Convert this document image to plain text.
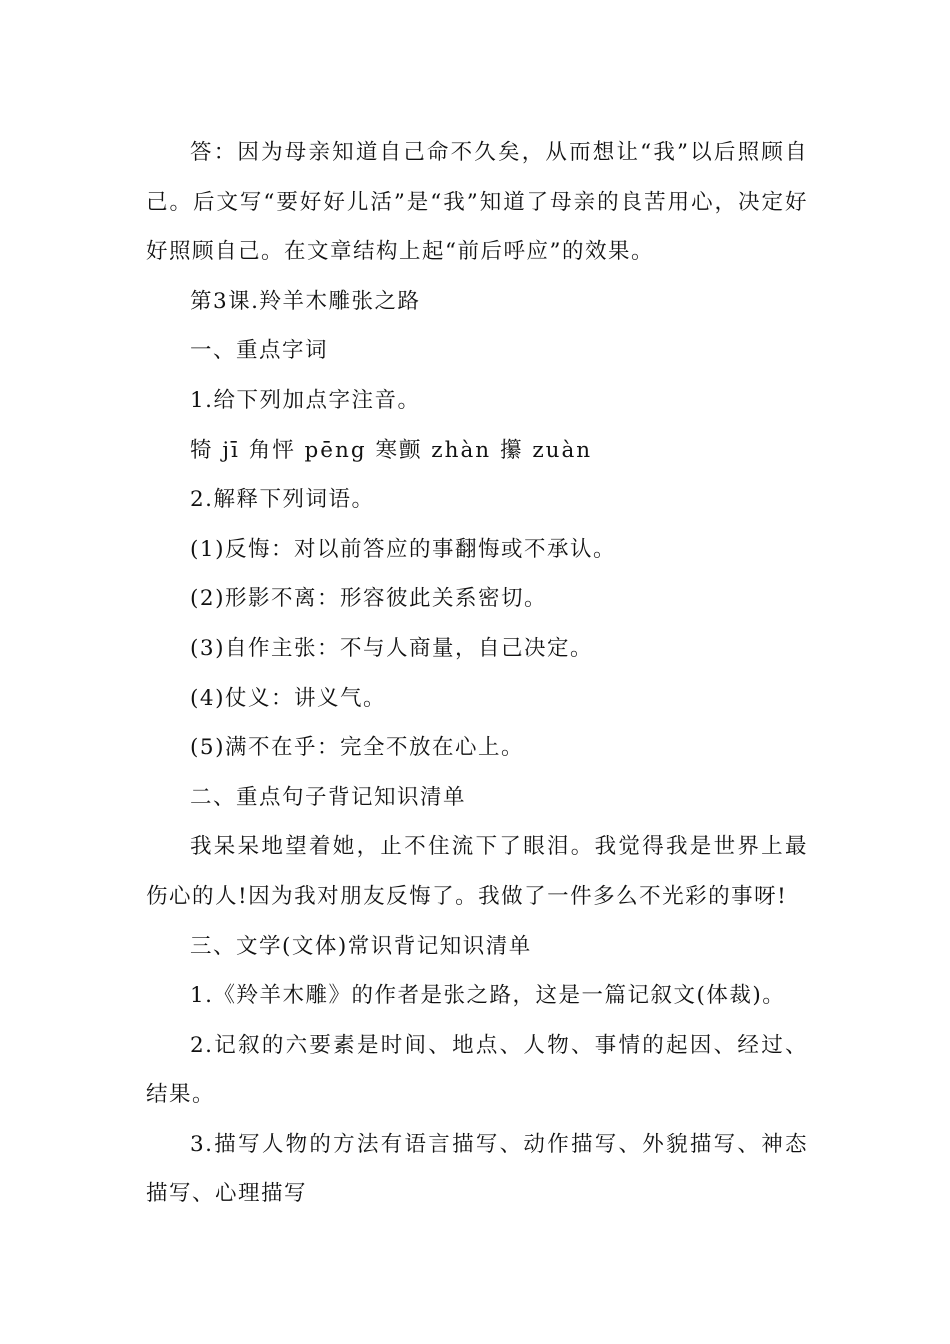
答：因为母亲知道自己命不久矣，从而想让“我”以后照顾自己。后文写“要好好儿活”是“我”知道了母亲的良苦用心，决定好好照顾自己。在文章结构上起“前后呼应”的效果。

第3课.羚羊木雕张之路

一、重点字词

1.给下列加点字注音。

犄 jī 角怦 pēng 寒颤 zhàn 攥 zuàn

2.解释下列词语。

(1)反悔：对以前答应的事翻悔或不承认。

(2)形影不离：形容彼此关系密切。

(3)自作主张：不与人商量，自己决定。

(4)仗义：讲义气。

(5)满不在乎：完全不放在心上。

二、重点句子背记知识清单

我呆呆地望着她，止不住流下了眼泪。我觉得我是世界上最伤心的人!因为我对朋友反悔了。我做了一件多么不光彩的事呀!

三、文学(文体)常识背记知识清单

1.《羚羊木雕》的作者是张之路，这是一篇记叙文(体裁)。

2.记叙的六要素是时间、地点、人物、事情的起因、经过、结果。

3.描写人物的方法有语言描写、动作描写、外貌描写、神态描写、心理描写
